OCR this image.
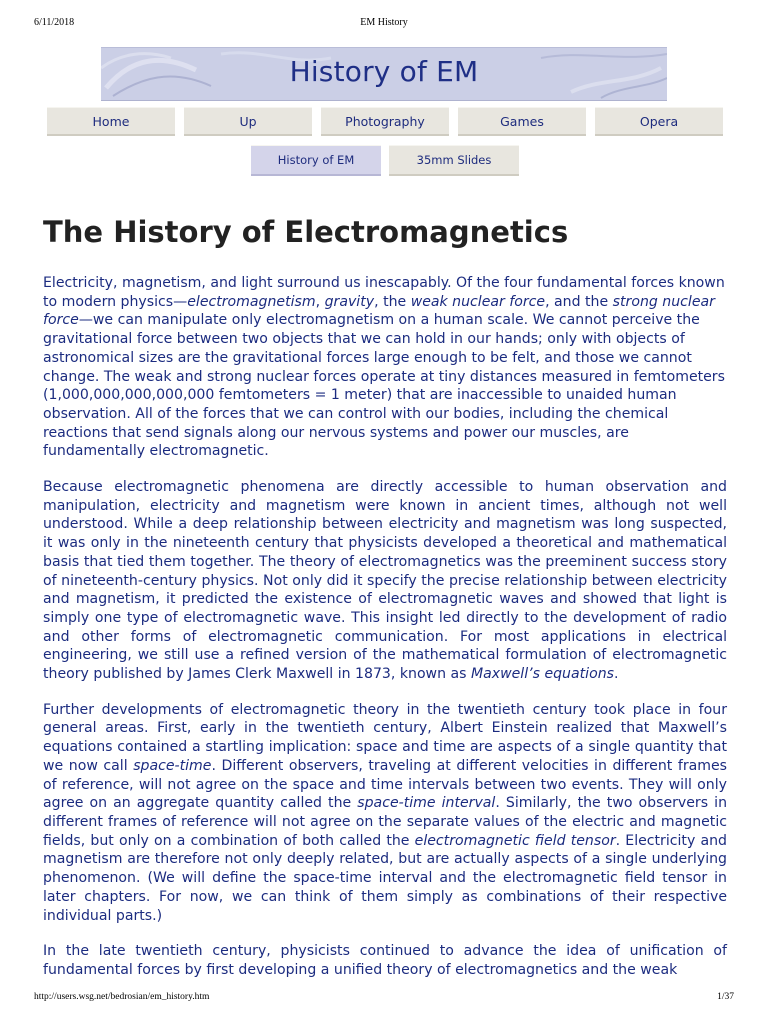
6/11/2018	EM History
History of EM
Home	Up	Photography	Games	Opera
History of EM	35mm Slides
The History of Electromagnetics

Electricity, magnetism, and light surround us inescapably. Of the four fundamental forces known to modern physics—electromagnetism, gravity, the weak nuclear force, and the strong nuclear force—we can manipulate only electromagnetism on a human scale. We cannot perceive the gravitational force between two objects that we can hold in our hands; only with objects of astronomical sizes are the gravitational forces large enough to be felt, and those we cannot change. The weak and strong nuclear forces operate at tiny distances measured in femtometers (1,000,000,000,000,000 femtometers = 1 meter) that are inaccessible to unaided human observation. All of the forces that we can control with our bodies, including the chemical reactions that send signals along our nervous systems and power our muscles, are fundamentally electromagnetic.

Because electromagnetic phenomena are directly accessible to human observation and manipulation, electricity and magnetism were known in ancient times, although not well understood. While a deep relationship between electricity and magnetism was long suspected, it was only in the nineteenth century that physicists developed a theoretical and mathematical basis that tied them together. The theory of electromagnetics was the preeminent success story of nineteenth-century physics. Not only did it specify the precise relationship between electricity and magnetism, it predicted the existence of electromagnetic waves and showed that light is simply one type of electromagnetic wave. This insight led directly to the development of radio and other forms of electromagnetic communication. For most applications in electrical engineering, we still use a refined version of the mathematical formulation of electromagnetic theory published by James Clerk Maxwell in 1873, known as Maxwell’s equations.

Further developments of electromagnetic theory in the twentieth century took place in four general areas. First, early in the twentieth century, Albert Einstein realized that Maxwell’s equations contained a startling implication: space and time are aspects of a single quantity that we now call space-time. Different observers, traveling at different velocities in different frames of reference, will not agree on the space and time intervals between two events. They will only agree on an aggregate quantity called the space-time interval. Similarly, the two observers in different frames of reference will not agree on the separate values of the electric and magnetic fields, but only on a combination of both called the electromagnetic field tensor. Electricity and magnetism are therefore not only deeply related, but are actually aspects of a single underlying phenomenon. (We will define the space-time interval and the electromagnetic field tensor in later chapters. For now, we can think of them simply as combinations of their respective individual parts.)

In the late twentieth century, physicists continued to advance the idea of unification of fundamental forces by first developing a unified theory of electromagnetics and the weak

http://users.wsg.net/bedrosian/em_history.htm	1/37
